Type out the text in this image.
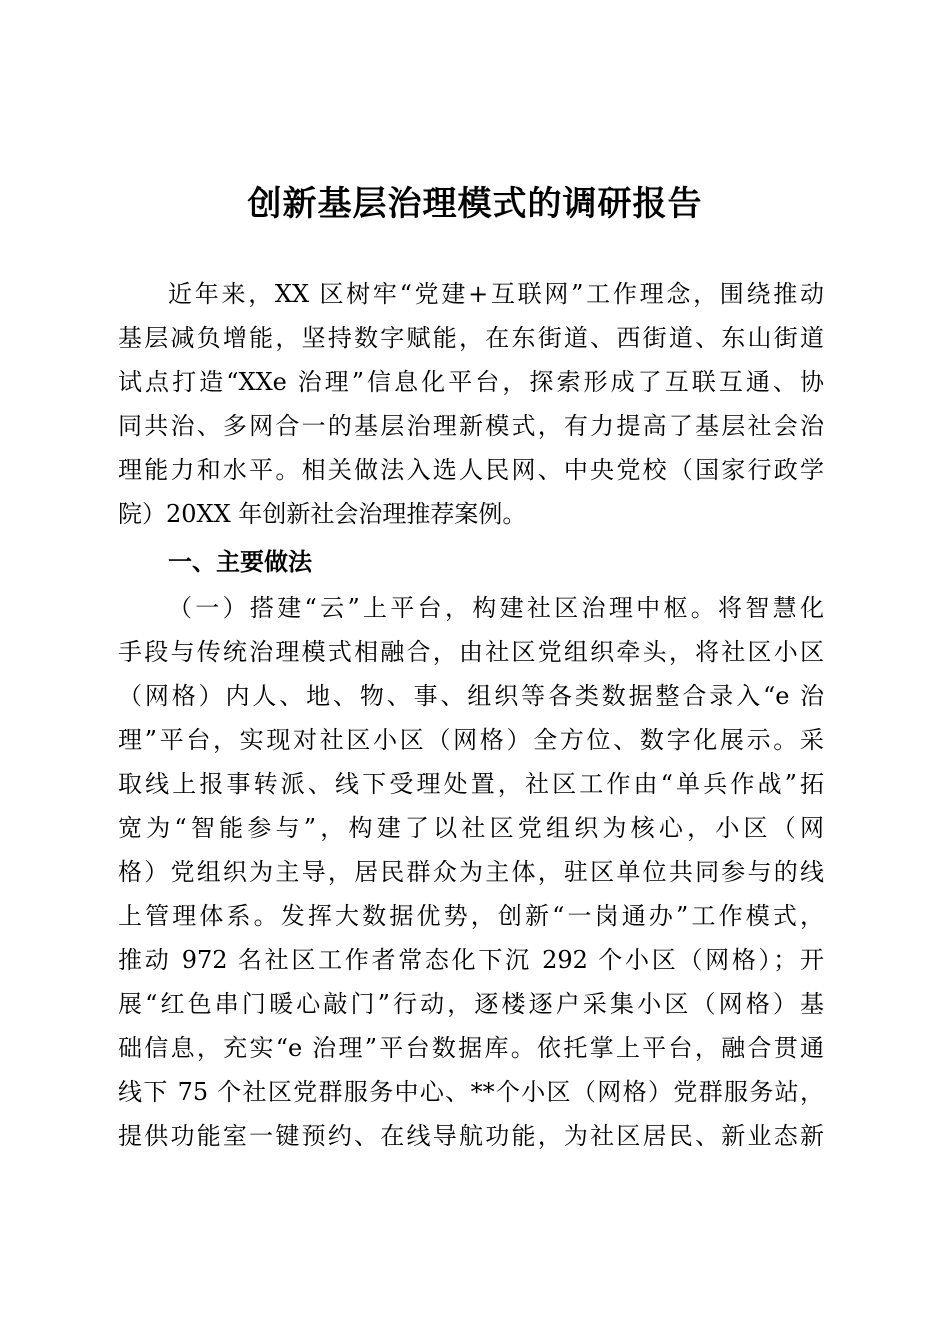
创新基层治理模式的调研报告
近年来，XX 区树牢“党建+互联网”工作理念，围绕推动
基层减负增能，坚持数字赋能，在东街道、西街道、东山街道
试点打造“XXe 治理”信息化平台，探索形成了互联互通、协
同共治、多网合一的基层治理新模式，有力提高了基层社会治
理能力和水平。相关做法入选人民网、中央党校（国家行政学
院）20XX 年创新社会治理推荐案例。
一、主要做法
（一）搭建“云”上平台，构建社区治理中枢。将智慧化
手段与传统治理模式相融合，由社区党组织牵头，将社区小区
（网格）内人、地、物、事、组织等各类数据整合录入“e 治
理”平台，实现对社区小区（网格）全方位、数字化展示。采
取线上报事转派、线下受理处置，社区工作由“单兵作战”拓
宽为“智能参与”，构建了以社区党组织为核心，小区（网
格）党组织为主导，居民群众为主体，驻区单位共同参与的线
上管理体系。发挥大数据优势，创新“一岗通办”工作模式，
推动 972 名社区工作者常态化下沉 292 个小区（网格）；开
展“红色串门暖心敲门”行动，逐楼逐户采集小区（网格）基
础信息，充实“e 治理”平台数据库。依托掌上平台，融合贯通
线下 75 个社区党群服务中心、**个小区（网格）党群服务站，
提供功能室一键预约、在线导航功能，为社区居民、新业态新
